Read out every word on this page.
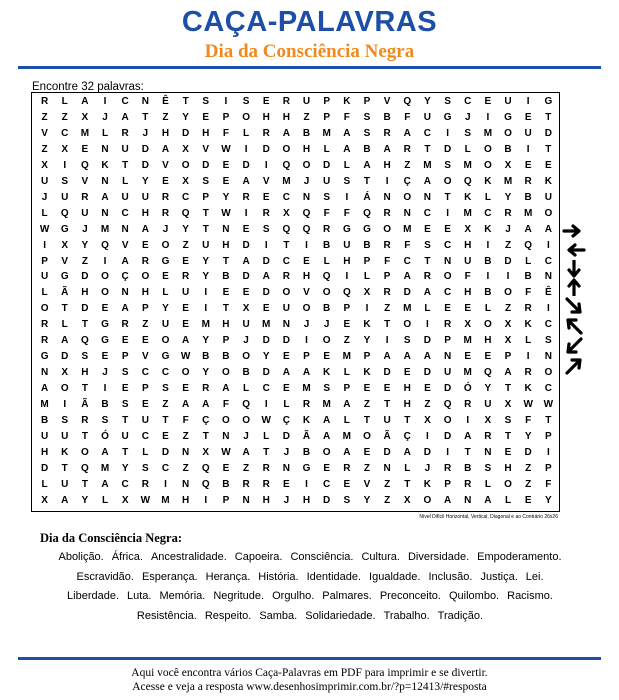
CAÇA-PALAVRAS
Dia da Consciência Negra
Encontre 32 palavras:
R	L	A	I	C	N	Ê	T	S	I	S	E	R	U	P	K	P	V	Q	Y	S	C	E	U	I	G
Z	Z	X	J	A	T	Z	Y	E	P	O	H	H	Z	P	F	S	B	F	U	G	J	I	G	E	T
V	C	M	L	R	J	H	D	H	F	L	R	A	B	M	A	S	R	A	C	I	S	M	O	U	D
Z	X	E	N	U	D	A	X	V	W	I	D	O	H	L	A	B	A	R	T	D	L	O	B	I	T
X	I	Q	K	T	D	V	O	D	E	D	I	Q	O	D	L	A	H	Z	M	S	M	O	X	E	E
U	S	V	N	L	Y	E	X	S	E	A	V	M	J	U	S	T	I	Ç	A	O	Q	K	M	R	K
J	U	R	A	U	U	R	C	P	Y	R	E	C	N	S	I	Á	N	O	N	T	K	L	Y	B	U
L	Q	U	N	C	H	R	Q	T	W	I	R	X	Q	F	F	Q	R	N	C	I	M	C	R	M	O
W	G	J	M	N	A	J	Y	T	N	E	S	Q	Q	R	G	G	O	M	E	E	X	K	J	A	A
I	X	Y	Q	V	E	O	Z	U	H	D	I	T	I	B	U	B	R	F	S	C	H	I	Z	Q	I
P	V	Z	I	A	R	G	E	Y	T	A	D	C	E	L	H	P	F	C	T	N	U	B	D	L	C
U	G	D	O	Ç	O	E	R	Y	B	D	A	R	H	Q	I	L	P	A	R	O	F	I	I	B	N
L	Ã	H	O	N	H	L	U	I	E	E	D	O	V	O	Q	X	R	D	A	C	H	B	O	F	Ê
O	T	D	E	A	P	Y	E	I	T	X	E	U	O	B	P	I	Z	M	L	E	E	L	Z	R	I
R	L	T	G	R	Z	U	E	M	H	U	M	N	J	J	E	K	T	O	I	R	X	O	X	K	C
R	A	Q	G	E	E	O	A	Y	P	J	D	D	I	O	Z	Y	I	S	D	P	M	H	X	L	S
G	D	S	E	P	V	G	W	B	B	O	Y	E	P	E	M	P	A	A	A	N	E	E	P	I	N
N	X	H	J	S	C	C	O	Y	O	B	D	A	A	K	L	K	D	E	D	U	M	Q	A	R	O
A	O	T	I	E	P	S	E	R	A	L	C	E	M	S	P	E	E	H	E	D	Ó	Y	T	K	C
M	I	Ã	B	S	E	Z	A	A	F	Q	I	L	R	M	A	Z	T	H	Z	Q	R	U	X	W	W
B	S	R	S	T	U	T	F	Ç	O	O	W	Ç	K	A	L	T	U	T	X	O	I	X	S	F	T
U	U	T	Ó	U	C	E	Z	T	N	J	L	D	Ã	A	M	O	Ã	Ç	I	D	A	R	T	Y	P
H	K	O	A	T	L	D	N	X	W	A	T	J	B	O	A	E	D	A	D	I	T	N	E	D	I
D	T	Q	M	Y	S	C	Z	Q	E	Z	R	N	G	E	R	Z	N	L	J	R	B	S	H	Z	P
L	U	T	A	C	R	I	N	Q	B	R	R	E	I	C	E	V	Z	T	K	P	R	L	O	Z	F
X	A	Y	L	X	W	M	H	I	P	N	H	J	H	D	S	Y	Z	X	O	A	N	A	L	E	Y
Nível Difícil Horizontal, Vertical, Diagonal e ao Contrário 26x26
Dia da Consciência Negra:
Abolição. África. Ancestralidade. Capoeira. Consciência. Cultura. Diversidade. Empoderamento.Escravidão. Esperança. Herança. História. Identidade. Igualdade. Inclusão. Justiça. Lei.Liberdade. Luta. Memória. Negritude. Orgulho. Palmares. Preconceito. Quilombo. Racismo.Resistência. Respeito. Samba. Solidariedade. Trabalho. Tradição.
Aqui você encontra vários Caça-Palavras em PDF para imprimir e se divertir.
Acesse e veja a resposta www.desenhosimprimir.com.br/?p=12413/#resposta
